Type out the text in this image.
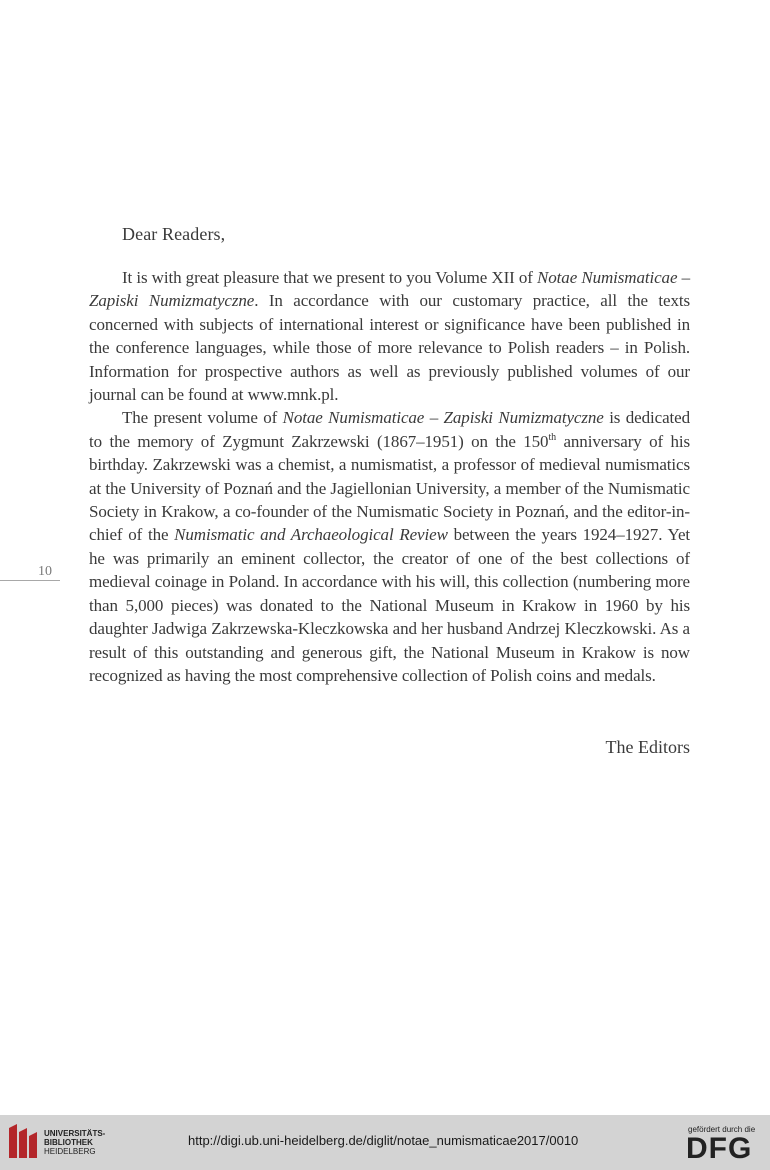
Dear Readers,

It is with great pleasure that we present to you Volume XII of Notae Numismaticae – Zapiski Numizmatyczne. In accordance with our customary practice, all the texts concerned with subjects of international interest or significance have been published in the conference languages, while those of more relevance to Polish readers – in Polish. Information for prospective authors as well as previously published volumes of our journal can be found at www.mnk.pl.

The present volume of Notae Numismaticae – Zapiski Numizmatyczne is dedicated to the memory of Zygmunt Zakrzewski (1867–1951) on the 150th anniversary of his birthday. Zakrzewski was a chemist, a numismatist, a professor of medieval numismatics at the University of Poznań and the Jagiellonian University, a member of the Numismatic Society in Krakow, a co-founder of the Numismatic Society in Poznań, and the editor-in-chief of the Numismatic and Archaeological Review between the years 1924–1927. Yet he was primarily an eminent collector, the creator of one of the best collections of medieval coinage in Poland. In accordance with his will, this collection (numbering more than 5,000 pieces) was donated to the National Museum in Krakow in 1960 by his daughter Jadwiga Zakrzewska-Kleczkowska and her husband Andrzej Kleczkowski. As a result of this outstanding and generous gift, the National Museum in Krakow is now recognized as having the most comprehensive collection of Polish coins and medals.

The Editors
10
UNIVERSITÄTS-
BIBLIOTHEK
HEIDELBERG
http://digi.ub.uni-heidelberg.de/diglit/notae_numismaticae2017/0010
gefördert durch die
DFG
